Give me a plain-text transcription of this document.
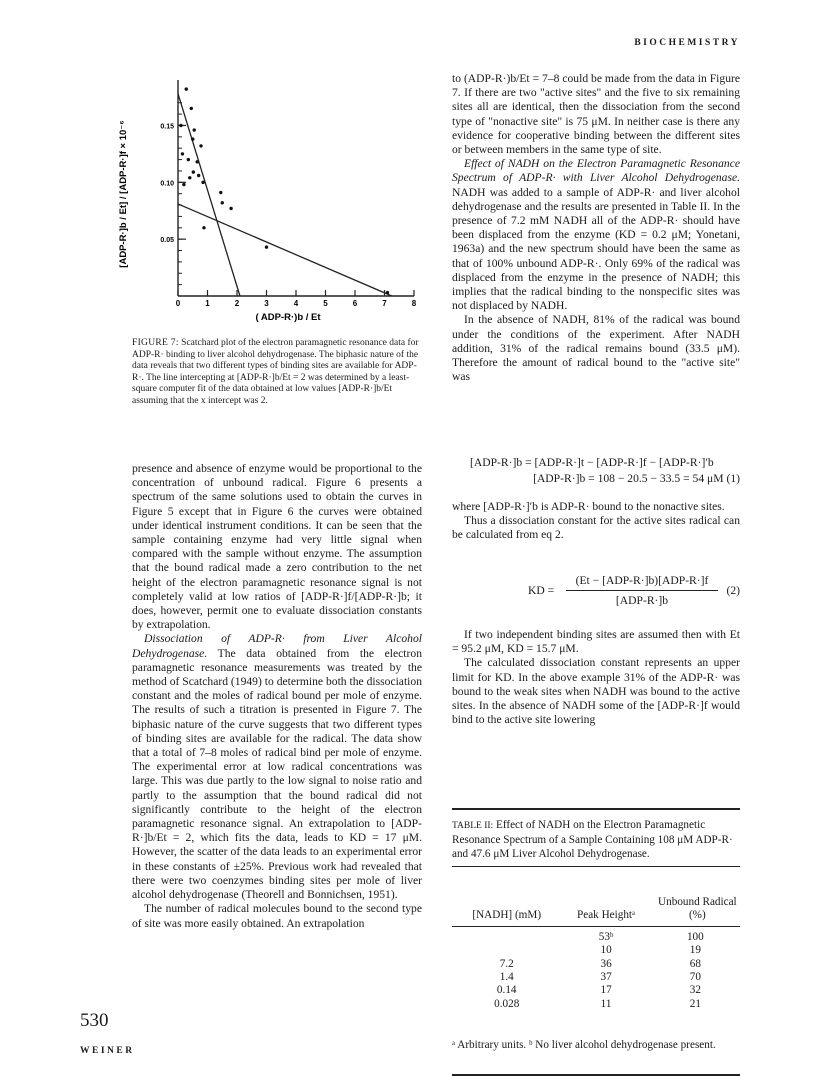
BIOCHEMISTRY
0	1	2	3	4	5	6	7	8
0.05
0.10
0.15
( ADP-R·)b / Et
[ADP-R·]b / Et] / [ADP-R·]f × 10⁻⁶
FIGURE 7: Scatchard plot of the electron paramagnetic resonance data for ADP-R· binding to liver alcohol dehydrogenase. The biphasic nature of the data reveals that two different types of binding sites are available for ADP-R·. The line intercepting at [ADP-R·]b/Et = 2 was determined by a least-square computer fit of the data obtained at low values [ADP-R·]b/Et assuming that the x intercept was 2.

presence and absence of enzyme would be proportional to the concentration of unbound radical. Figure 6 presents a spectrum of the same solutions used to obtain the curves in Figure 5 except that in Figure 6 the curves were obtained under identical instrument conditions. It can be seen that the sample containing enzyme had very little signal when compared with the sample without enzyme. The assumption that the bound radical made a zero contribution to the net height of the electron paramagnetic resonance signal is not completely valid at low ratios of [ADP-R·]f/[ADP-R·]b; it does, however, permit one to evaluate dissociation constants by extrapolation.

Dissociation of ADP-R· from Liver Alcohol Dehydrogenase. The data obtained from the electron paramagnetic resonance measurements was treated by the method of Scatchard (1949) to determine both the dissociation constant and the moles of radical bound per mole of enzyme. The results of such a titration is presented in Figure 7. The biphasic nature of the curve suggests that two different types of binding sites are available for the radical. The data show that a total of 7–8 moles of radical bind per mole of enzyme. The experimental error at low radical concentrations was large. This was due partly to the low signal to noise ratio and partly to the assumption that the bound radical did not significantly contribute to the height of the electron paramagnetic resonance signal. An extrapolation to [ADP-R·]b/Et = 2, which fits the data, leads to KD = 17 μM. However, the scatter of the data leads to an experimental error in these constants of ±25%. Previous work had revealed that there were two coenzymes binding sites per mole of liver alcohol dehydrogenase (Theorell and Bonnichsen, 1951).

The number of radical molecules bound to the second type of site was more easily obtained. An extrapolation

530
WEINER

to (ADP-R·)b/Et = 7–8 could be made from the data in Figure 7. If there are two "active sites" and the five to six remaining sites all are identical, then the dissociation from the second type of "nonactive site" is 75 μM. In neither case is there any evidence for cooperative binding between the different sites or between members in the same type of site.

Effect of NADH on the Electron Paramagnetic Resonance Spectrum of ADP-R· with Liver Alcohol Dehydrogenase. NADH was added to a sample of ADP-R· and liver alcohol dehydrogenase and the results are presented in Table II. In the presence of 7.2 mM NADH all of the ADP-R· should have been displaced from the enzyme (KD = 0.2 μM; Yonetani, 1963a) and the new spectrum should have been the same as that of 100% unbound ADP-R·. Only 69% of the radical was displaced from the enzyme in the presence of NADH; this implies that the radical binding to the nonspecific sites was not displaced by NADH.

In the absence of NADH, 81% of the radical was bound under the conditions of the experiment. After NADH addition, 31% of the radical remains bound (33.5 μM). Therefore the amount of radical bound to the "active site" was

[ADP-R·]b = [ADP-R·]t − [ADP-R·]f − [ADP-R·]′b
[ADP-R·]b = 108 − 20.5 − 33.5 = 54 μM (1)

where [ADP-R·]′b is ADP-R· bound to the nonactive sites.

Thus a dissociation constant for the active sites radical can be calculated from eq 2.

KD =
(Et − [ADP-R·]b)[ADP-R·]f
[ADP-R·]b
(2)

If two independent binding sites are assumed then with Et = 95.2 μM, KD = 15.7 μM.

The calculated dissociation constant represents an upper limit for KD. In the above example 31% of the ADP-R· was bound to the weak sites when NADH was bound to the active sites. In the absence of NADH some of the [ADP-R·]f would bind to the active site lowering

TABLE II: Effect of NADH on the Electron Paramagnetic Resonance Spectrum of a Sample Containing 108 μM ADP-R· and 47.6 μM Liver Alcohol Dehydrogenase.
[NADH] (mM)	Peak Heightᵃ	Unbound Radical (%)
	53ᵇ	100
	10	19
7.2	36	68
1.4	37	70
0.14	17	32
0.028	11	21
ᵃ Arbitrary units. ᵇ No liver alcohol dehydrogenase present.
